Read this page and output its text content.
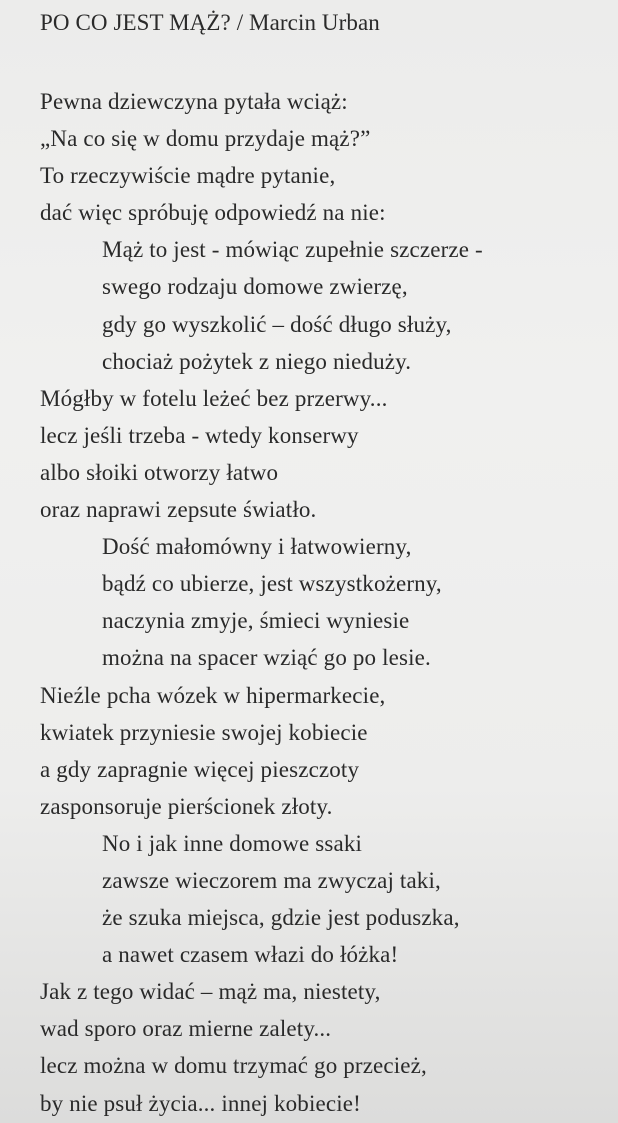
PO CO JEST MĄŻ? / Marcin Urban
Pewna dziewczyna pytała wciąż:
„Na co się w domu przydaje mąż?”
To rzeczywiście mądre pytanie,
dać więc spróbuję odpowiedź na nie:
Mąż to jest - mówiąc zupełnie szczerze -
swego rodzaju domowe zwierzę,
gdy go wyszkolić – dość długo służy,
chociaż pożytek z niego nieduży.
Mógłby w fotelu leżeć bez przerwy...
lecz jeśli trzeba - wtedy konserwy
albo słoiki otworzy łatwo
oraz naprawi zepsute światło.
Dość małomówny i łatwowierny,
bądź co ubierze, jest wszystkożerny,
naczynia zmyje, śmieci wyniesie
można na spacer wziąć go po lesie.
Nieźle pcha wózek w hipermarkecie,
kwiatek przyniesie swojej kobiecie
a gdy zapragnie więcej pieszczoty
zasponsoruje pierścionek złoty.
No i jak inne domowe ssaki
zawsze wieczorem ma zwyczaj taki,
że szuka miejsca, gdzie jest poduszka,
a nawet czasem włazi do łóżka!
Jak z tego widać – mąż ma, niestety,
wad sporo oraz mierne zalety...
lecz można w domu trzymać go przecież,
by nie psuł życia... innej kobiecie!
